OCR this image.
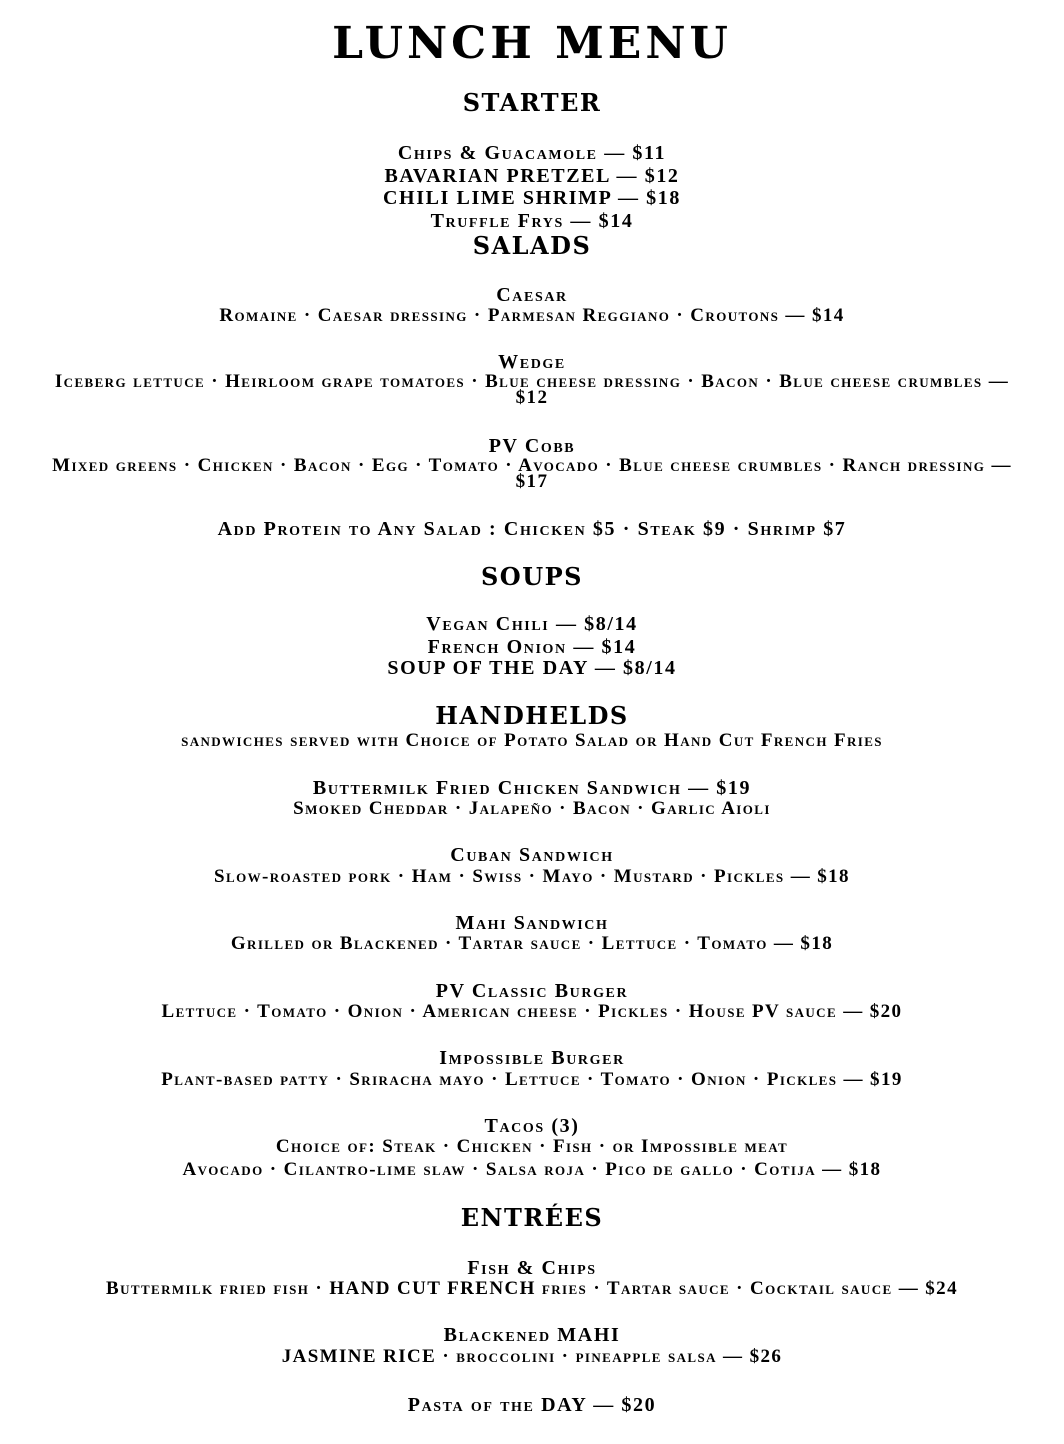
LUNCH MENU
STARTER
Chips & Guacamole — $11
BAVARIAN PRETZEL — $12
CHILI LIME SHRIMP — $18
Truffle Frys — $14
SALADS
Caesar
Romaine · Caesar dressing · Parmesan Reggiano · Croutons — $14
Wedge
Iceberg lettuce · Heirloom grape tomatoes · Blue cheese dressing · Bacon · Blue cheese crumbles — $12
PV Cobb
Mixed greens · Chicken · Bacon · Egg · Tomato · Avocado · Blue cheese crumbles · Ranch dressing — $17
Add Protein to Any Salad : Chicken $5 · Steak $9 · Shrimp $7
SOUPS
Vegan Chili — $8/14
French Onion — $14
SOUP OF THE DAY — $8/14
HANDHELDS
sandwiches served with Choice of Potato Salad or Hand Cut French Fries
Buttermilk Fried Chicken Sandwich — $19
Smoked Cheddar · Jalapeño · Bacon · Garlic Aioli
Cuban Sandwich
Slow-roasted pork · Ham · Swiss · Mayo · Mustard · Pickles — $18
Mahi Sandwich
Grilled or Blackened · Tartar sauce · Lettuce · Tomato — $18
PV Classic Burger
Lettuce · Tomato · Onion · American cheese · Pickles · House PV sauce — $20
Impossible Burger
Plant-based patty · Sriracha mayo · Lettuce · Tomato · Onion · Pickles — $19
Tacos (3)
Choice of: Steak · Chicken · Fish · or Impossible meat
Avocado · Cilantro-lime slaw · Salsa roja · Pico de gallo · Cotija — $18
ENTRÉES
Fish & Chips
Buttermilk fried fish · HAND CUT FRENCH fries · Tartar sauce · Cocktail sauce — $24
Blackened MAHI
JASMINE RICE · broccolini · pineapple salsa — $26
Pasta of the DAY — $20
